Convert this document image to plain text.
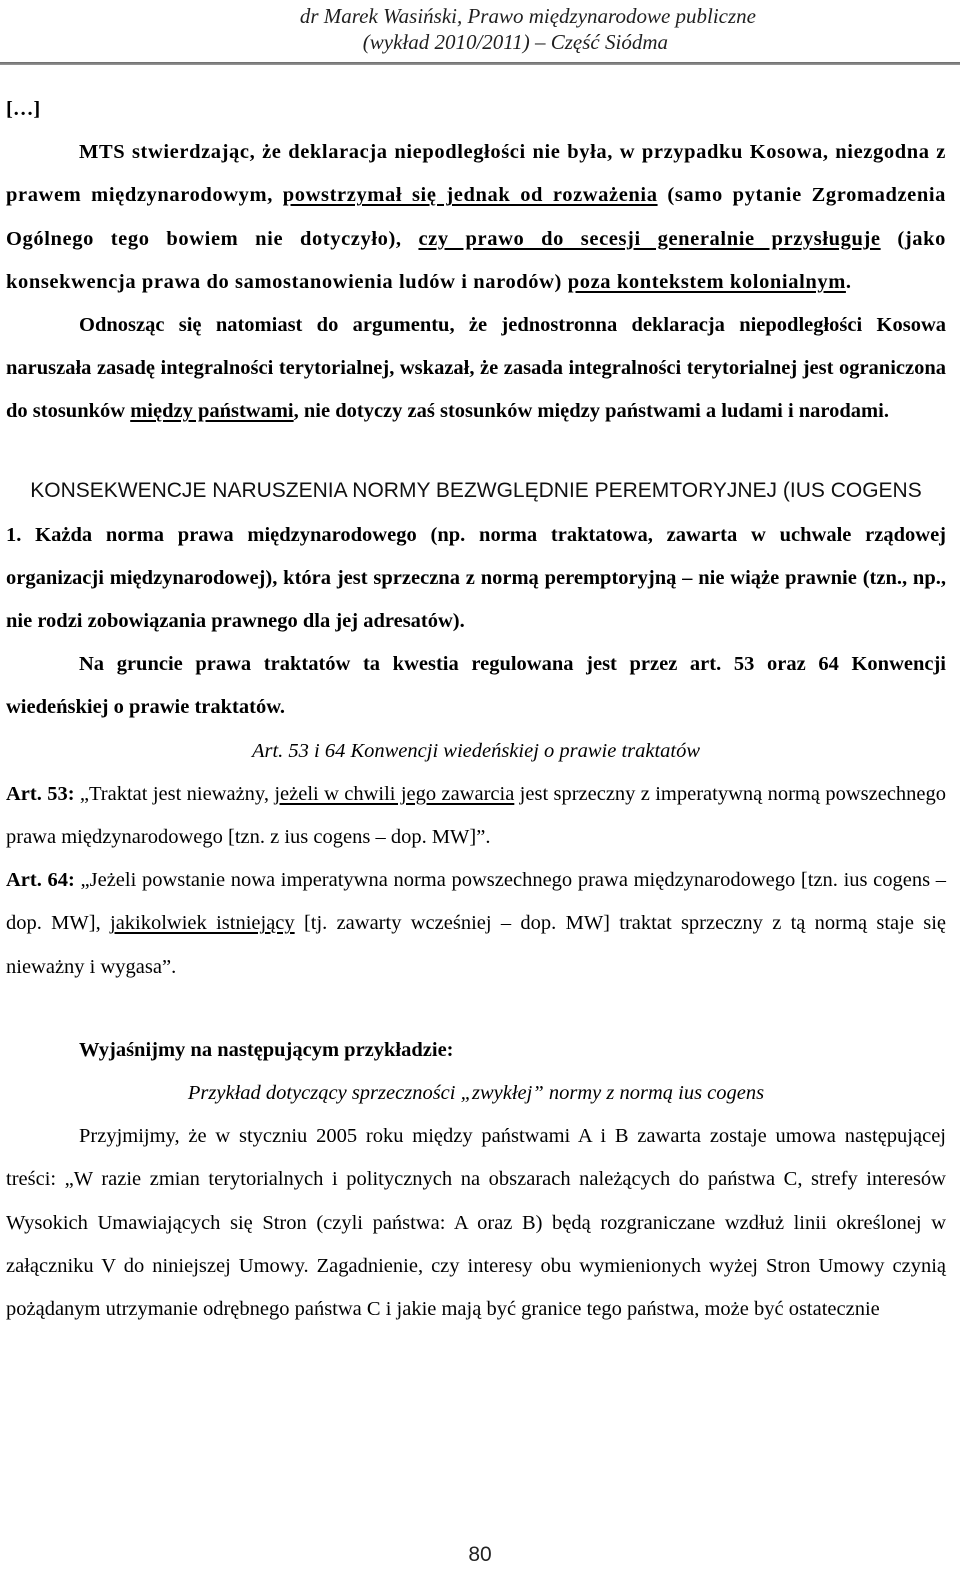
dr Marek Wasiński, Prawo międzynarodowe publiczne
(wykład 2010/2011) – Część Siódma

[…]

MTS stwierdzając, że deklaracja niepodległości nie była, w przypadku Kosowa, niezgodna z prawem międzynarodowym, powstrzymał się jednak od rozważenia (samo pytanie Zgromadzenia Ogólnego tego bowiem nie dotyczyło), czy prawo do secesji generalnie przysługuje (jako konsekwencja prawa do samostanowienia ludów i narodów) poza kontekstem kolonialnym.

Odnosząc się natomiast do argumentu, że jednostronna deklaracja niepodległości Kosowa naruszała zasadę integralności terytorialnej, wskazał, że zasada integralności terytorialnej jest ograniczona do stosunków między państwami, nie dotyczy zaś stosunków między państwami a ludami i narodami.

KONSEKWENCJE NARUSZENIA NORMY BEZWGLĘDNIE PEREMTORYJNEJ (IUS COGENS

1. Każda norma prawa międzynarodowego (np. norma traktatowa, zawarta w uchwale rządowej organizacji międzynarodowej), która jest sprzeczna z normą peremptoryjną – nie wiąże prawnie (tzn., np., nie rodzi zobowiązania prawnego dla jej adresatów).

Na gruncie prawa traktatów ta kwestia regulowana jest przez art. 53 oraz 64 Konwencji wiedeńskiej o prawie traktatów.

Art. 53 i 64 Konwencji wiedeńskiej o prawie traktatów

Art. 53: „Traktat jest nieważny, jeżeli w chwili jego zawarcia jest sprzeczny z imperatywną normą powszechnego prawa międzynarodowego [tzn. z ius cogens – dop. MW]”.

Art. 64: „Jeżeli powstanie nowa imperatywna norma powszechnego prawa międzynarodowego [tzn. ius cogens – dop. MW], jakikolwiek istniejący [tj. zawarty wcześniej – dop. MW] traktat sprzeczny z tą normą staje się nieważny i wygasa”.

Wyjaśnijmy na następującym przykładzie:

Przykład dotyczący sprzeczności „zwykłej” normy z normą ius cogens

Przyjmijmy, że w styczniu 2005 roku między państwami A i B zawarta zostaje umowa następującej treści: „W razie zmian terytorialnych i politycznych na obszarach należących do państwa C, strefy interesów Wysokich Umawiających się Stron (czyli państwa: A oraz B) będą rozgraniczane wzdłuż linii określonej w załączniku V do niniejszej Umowy. Zagadnienie, czy interesy obu wymienionych wyżej Stron Umowy czynią pożądanym utrzymanie odrębnego państwa C i jakie mają być granice tego państwa, może być ostatecznie

80
